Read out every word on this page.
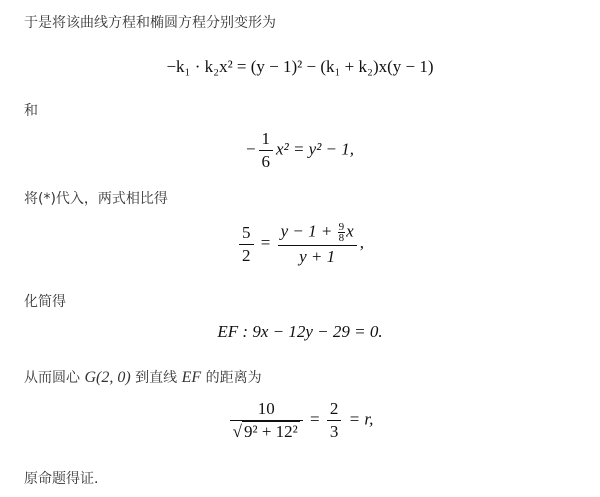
于是将该曲线方程和椭圆方程分别变形为
−k₁ · k₂x² = (y − 1)² − (k₁ + k₂)x(y − 1)
和
− $\frac{1}{6} x^2 = y^2 - 1$,
将(*)代入，两式相比得
$\frac{5}{2} = \frac{y - 1 + \frac{9}{8} x}{y + 1}$ ,
化简得
EF : 9x − 12y − 29 = 0.
从而圆心 G(2, 0) 到直线 EF 的距离为
$\frac{10}{\text{√ 9² + 12²}} = \frac{2}{3} = r$,
原命题得证.
